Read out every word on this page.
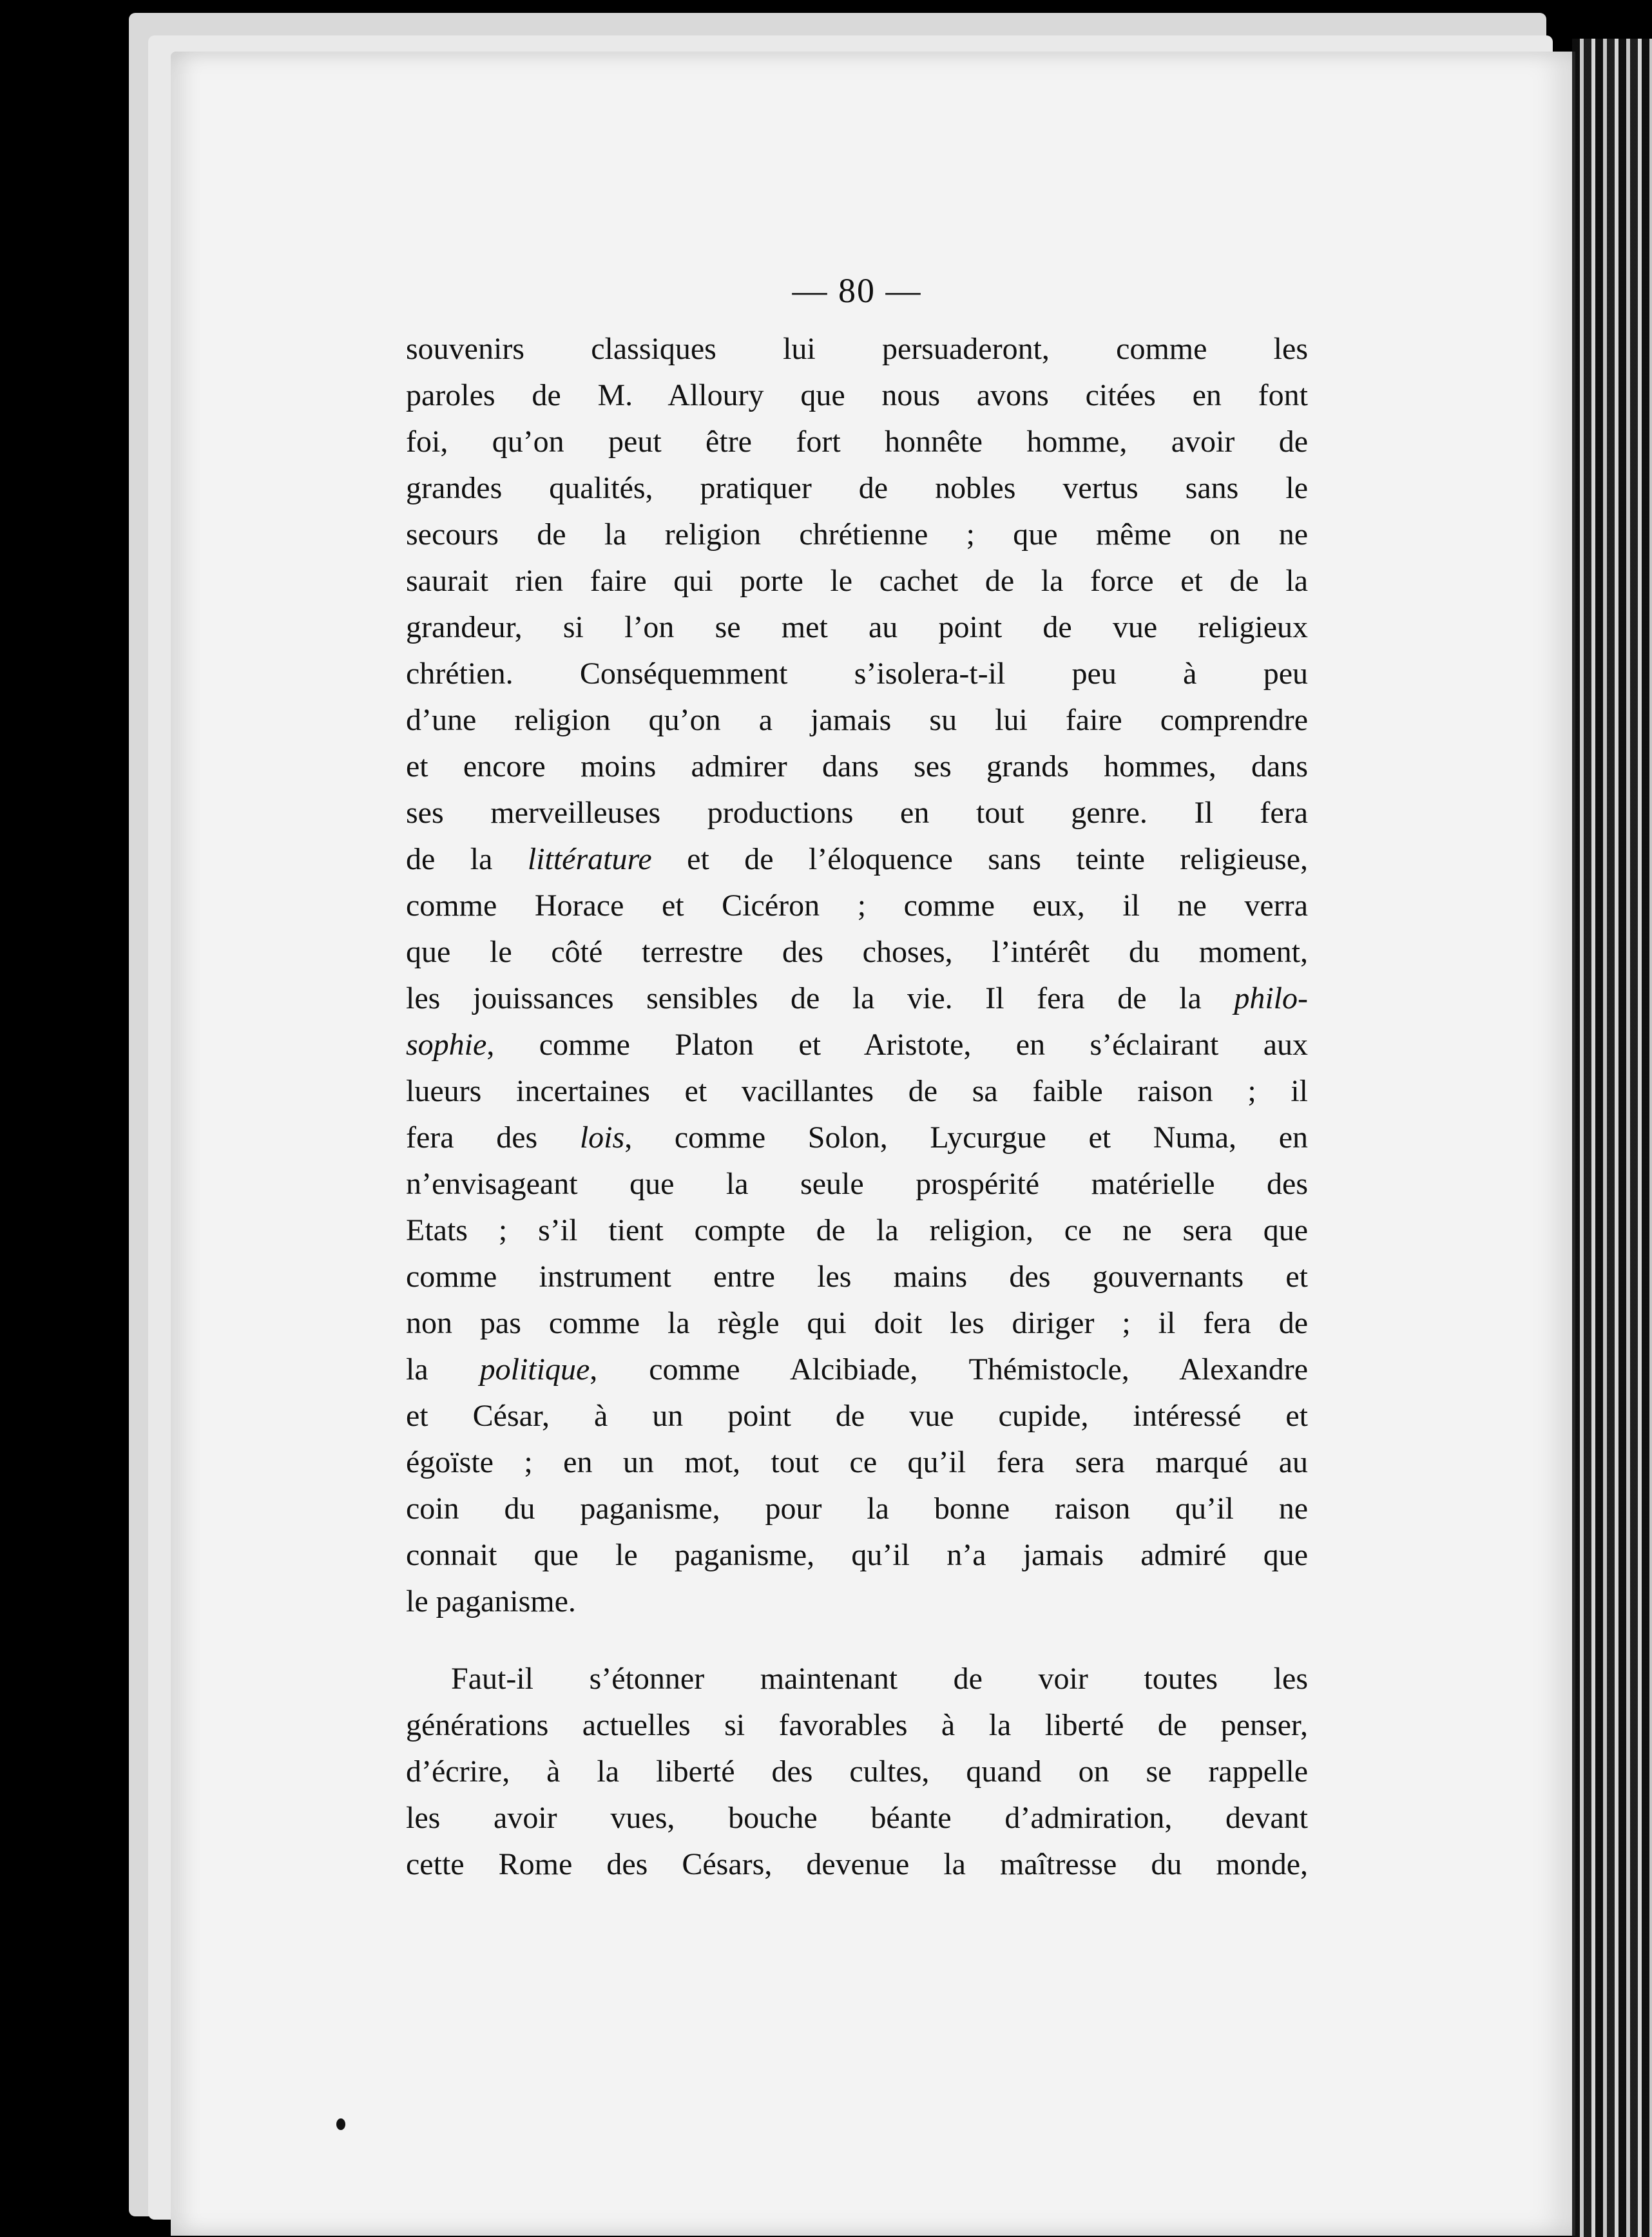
— 80 —
souvenirs classiques lui persuaderont, comme les
paroles de M. Alloury que nous avons citées en font
foi, qu’on peut être fort honnête homme, avoir de
grandes qualités, pratiquer de nobles vertus sans le
secours de la religion chrétienne ; que même on ne
saurait rien faire qui porte le cachet de la force et de la
grandeur, si l’on se met au point de vue religieux
chrétien. Conséquemment s’isolera-t-il peu à peu
d’une religion qu’on a jamais su lui faire comprendre
et encore moins admirer dans ses grands hommes, dans
ses merveilleuses productions en tout genre. Il fera
de la littérature et de l’éloquence sans teinte religieuse,
comme Horace et Cicéron ; comme eux, il ne verra
que le côté terrestre des choses, l’intérêt du moment,
les jouissances sensibles de la vie. Il fera de la philo-
sophie, comme Platon et Aristote, en s’éclairant aux
lueurs incertaines et vacillantes de sa faible raison ; il
fera des lois, comme Solon, Lycurgue et Numa, en
n’envisageant que la seule prospérité matérielle des
Etats ; s’il tient compte de la religion, ce ne sera que
comme instrument entre les mains des gouvernants et
non pas comme la règle qui doit les diriger ; il fera de
la politique, comme Alcibiade, Thémistocle, Alexandre
et César, à un point de vue cupide, intéressé et
égoïste ; en un mot, tout ce qu’il fera sera marqué au
coin du paganisme, pour la bonne raison qu’il ne
connait que le paganisme, qu’il n’a jamais admiré que
le paganisme.
Faut-il s’étonner maintenant de voir toutes les
générations actuelles si favorables à la liberté de penser,
d’écrire, à la liberté des cultes, quand on se rappelle
les avoir vues, bouche béante d’admiration, devant
cette Rome des Césars, devenue la maîtresse du monde,
